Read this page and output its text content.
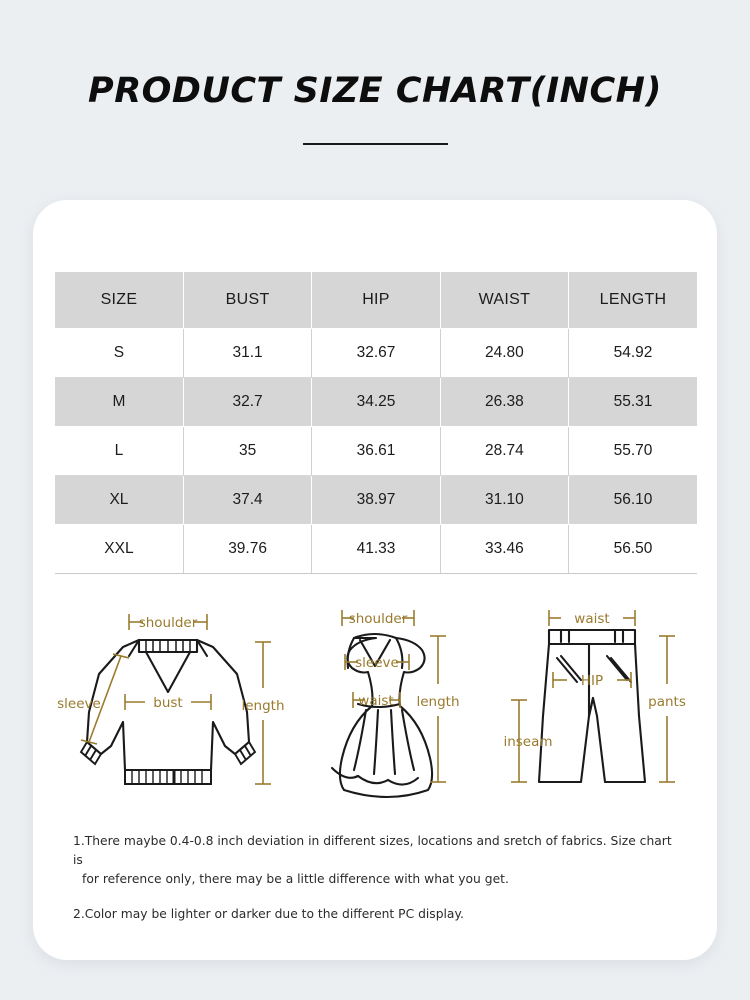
PRODUCT SIZE CHART(INCH)
SIZE	BUST	HIP	WAIST	LENGTH
S	31.1	32.67	24.80	54.92
M	32.7	34.25	26.38	55.31
L	35	36.61	28.74	55.70
XL	37.4	38.97	31.10	56.10
XXL	39.76	41.33	33.46	56.50
shoulder
bust
sleeve	length
shoulder
sleeve
waist length
waist
HIP
inseam
pants
1.There maybe 0.4-0.8 inch deviation in different sizes, locations and sretch of fabrics. Size chart is
for reference only, there may be a little difference with what you get.
2.Color may be lighter or darker due to the different PC display.
